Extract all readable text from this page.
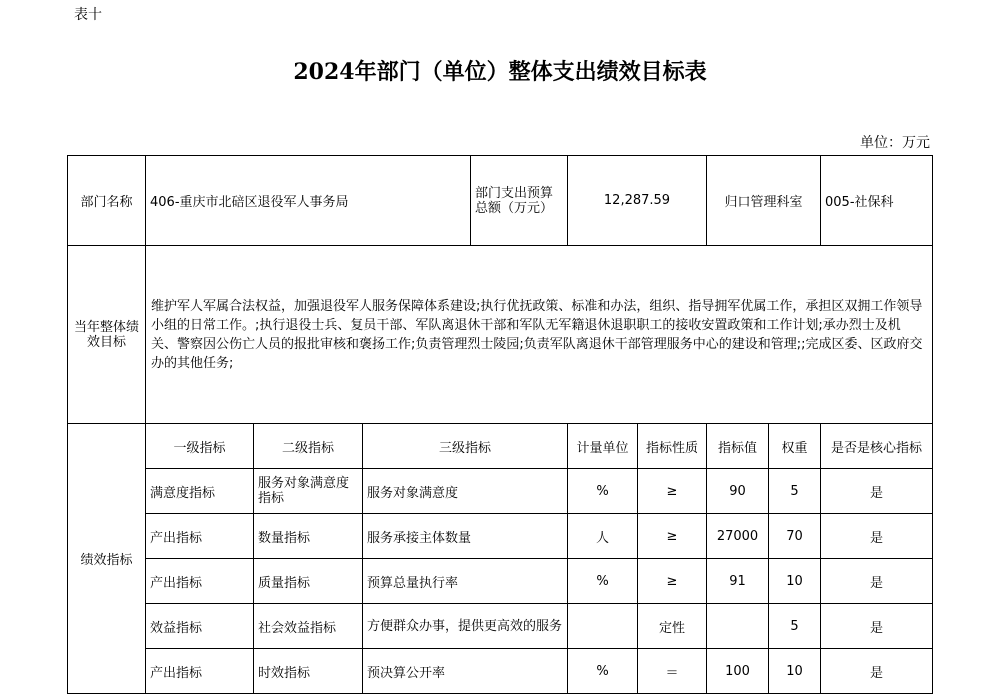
表十
2024年部门（单位）整体支出绩效目标表
单位：万元
部门名称	406-重庆市北碚区退役军人事务局			部门支出预算总额（万元）	12,287.59		归口管理科室		005-社保科
当年整体绩效目标	维护军人军属合法权益，加强退役军人服务保障体系建设;执行优抚政策、标准和办法，组织、指导拥军优属工作，承担区双拥工作领导小组的日常工作。;执行退役士兵、复员干部、军队离退休干部和军队无军籍退休退职职工的接收安置政策和工作计划;承办烈士及机关、警察因公伤亡人员的报批审核和褒扬工作;负责管理烈士陵园;负责军队离退休干部管理服务中心的建设和管理;;完成区委、区政府交办的其他任务;								
绩效指标	一级指标	二级指标	三级指标		计量单位	指标性质	指标值	权重	是否是核心指标
	满意度指标	服务对象满意度指标	服务对象满意度		%	≥	90	5	是
	产出指标	数量指标	服务承接主体数量		人	≥	27000	70	是
	产出指标	质量指标	预算总量执行率		%	≥	91	10	是
	效益指标	社会效益指标	方便群众办事，提供更高效的服务			定性		5	是
	产出指标	时效指标	预决算公开率		%	＝	100	10	是
